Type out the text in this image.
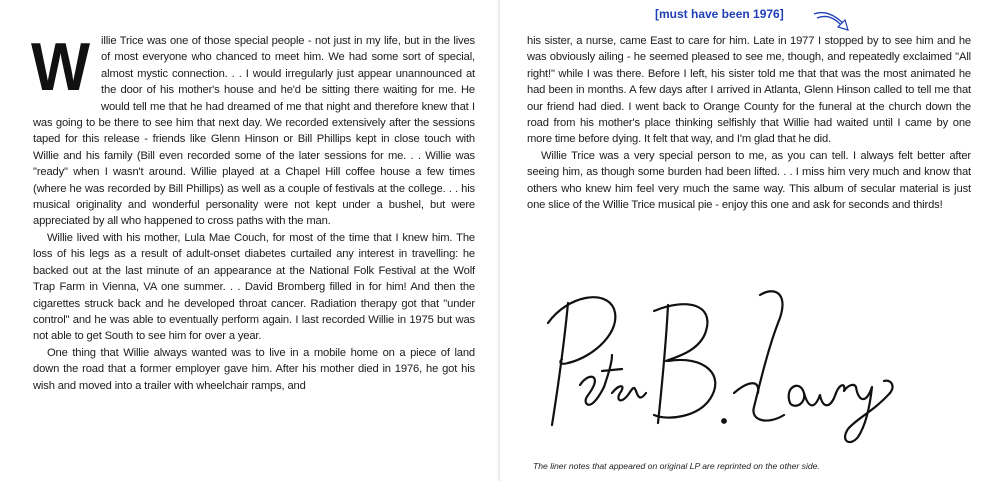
Willie Trice was one of those special people - not just in my life, but in the lives of most everyone who chanced to meet him. We had some sort of special, almost mystic connection. . . I would irregularly just appear unannounced at the door of his mother's house and he'd be sitting there waiting for me. He would tell me that he had dreamed of me that night and therefore knew that I was going to be there to see him that next day. We recorded extensively after the sessions taped for this release - friends like Glenn Hinson or Bill Phillips kept in close touch with Willie and his family (Bill even recorded some of the later sessions for me. . . Willie was "ready" when I wasn't around. Willie played at a Chapel Hill coffee house a few times (where he was recorded by Bill Phillips) as well as a couple of festivals at the college. . . his musical originality and wonderful personality were not kept under a bushel, but were appreciated by all who happened to cross paths with the man.

Willie lived with his mother, Lula Mae Couch, for most of the time that I knew him. The loss of his legs as a result of adult-onset diabetes curtailed any interest in travelling: he backed out at the last minute of an appearance at the National Folk Festival at the Wolf Trap Farm in Vienna, VA one summer. . . David Bromberg filled in for him! And then the cigarettes struck back and he developed throat cancer. Radiation therapy got that "under control" and he was able to eventually perform again. I last recorded Willie in 1975 but was not able to get South to see him for over a year.

One thing that Willie always wanted was to live in a mobile home on a piece of land down the road that a former employer gave him. After his mother died in 1976, he got his wish and moved into a trailer with wheelchair ramps, and

his sister, a nurse, came East to care for him. Late in 1977 I stopped by to see him and he was obviously ailing - he seemed pleased to see me, though, and repeatedly exclaimed "All right!" while I was there. Before I left, his sister told me that that was the most animated he had been in months. A few days after I arrived in Atlanta, Glenn Hinson called to tell me that our friend had died. I went back to Orange County for the funeral at the church down the road from his mother's place thinking selfishly that Willie had waited until I came by one more time before dying. It felt that way, and I'm glad that he did.

Willie Trice was a very special person to me, as you can tell. I always felt better after seeing him, as though some burden had been lifted. . . I miss him very much and know that others who knew him feel very much the same way. This album of secular material is just one slice of the Willie Trice musical pie - enjoy this one and ask for seconds and thirds!

[must have been 1976]
The liner notes that appeared on original LP are reprinted on the other side.
